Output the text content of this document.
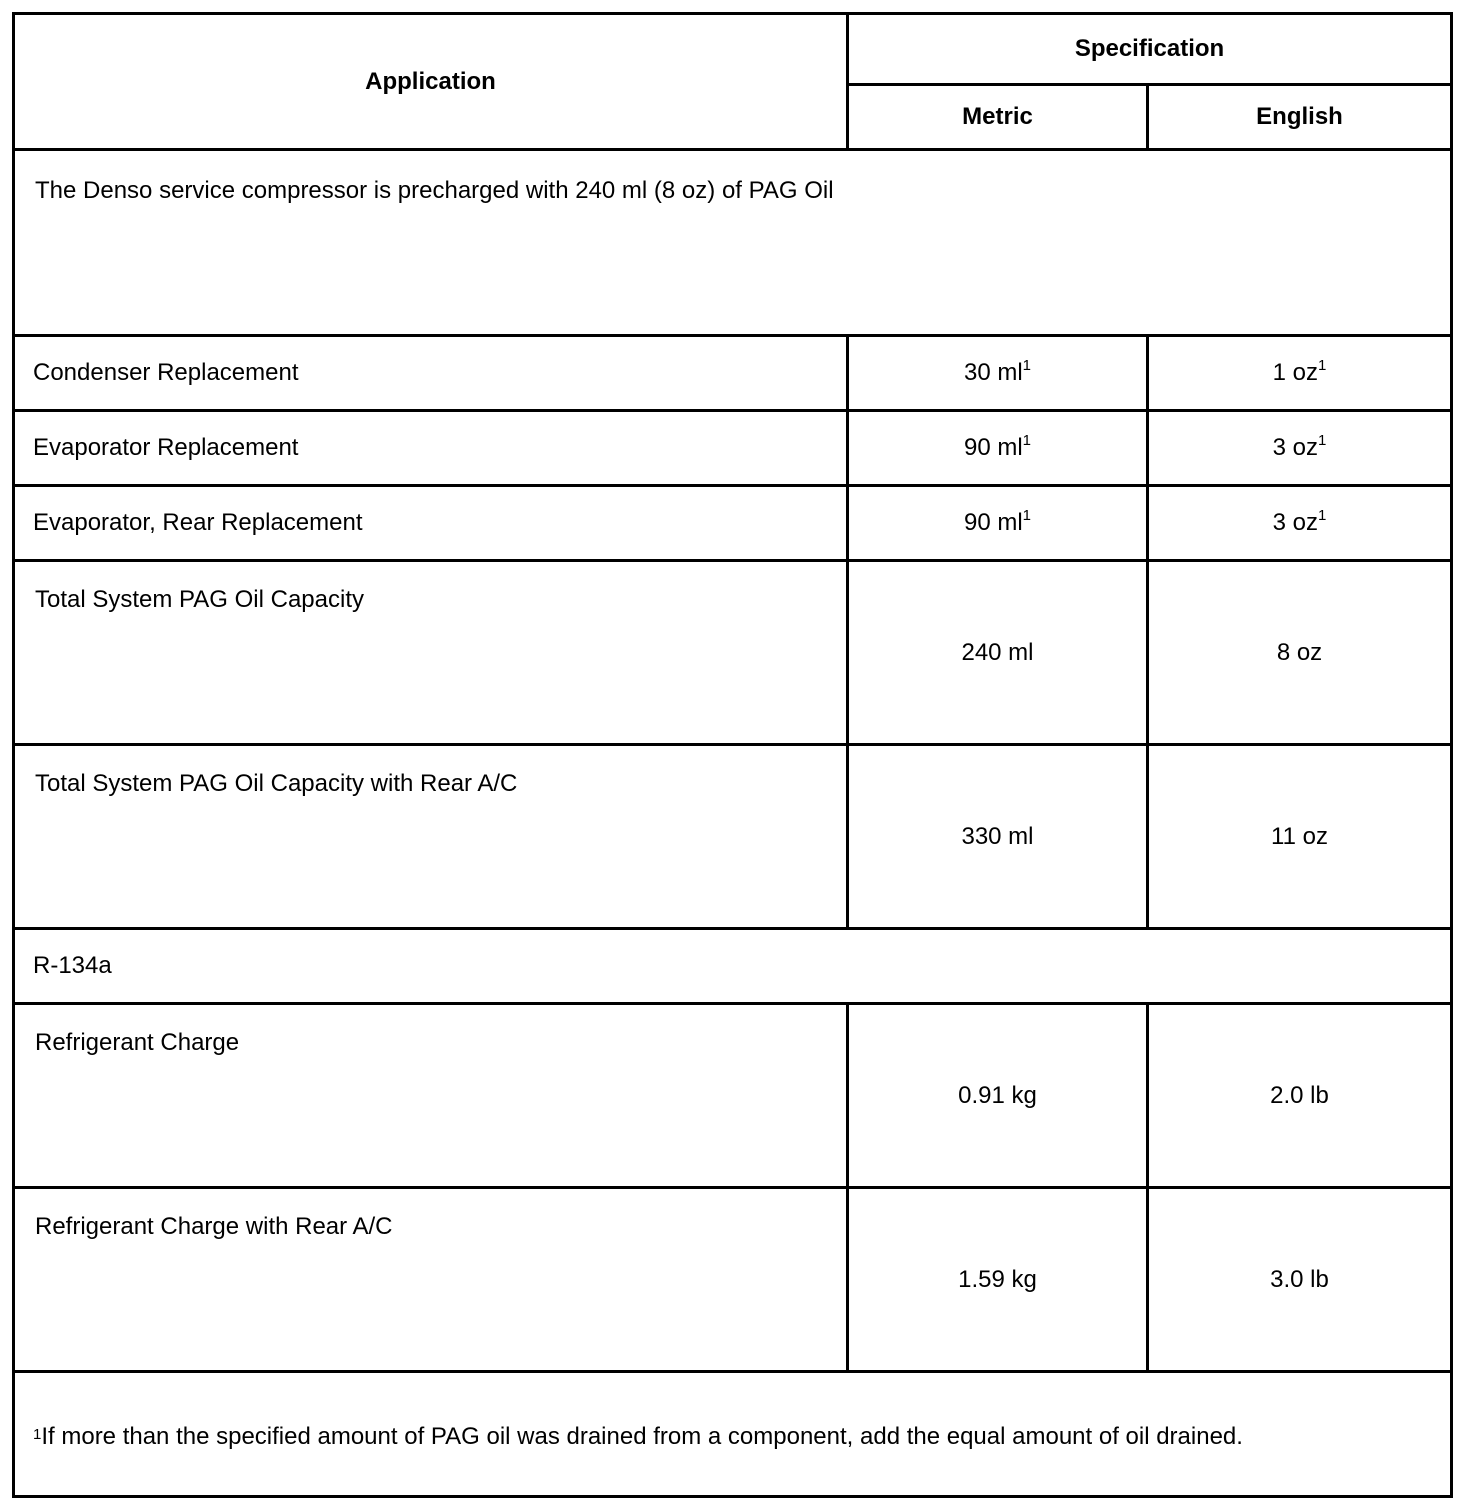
Application	Specification	
	Metric	English
The Denso service compressor is precharged with 240 ml (8 oz) of PAG Oil		
Condenser Replacement	30 $ml^1$	1 $oz^1$
Evaporator Replacement	90 $ml^1$	3 $oz^1$
Evaporator, Rear Replacement	90 $ml^1$	3 $oz^1$
Total System PAG Oil Capacity	240 ml	8 oz
Total System PAG Oil Capacity with Rear A/C	330 ml	11 oz
R-134a		
Refrigerant Charge	0.91 kg	2.0 lb
Refrigerant Charge with Rear A/C	1.59 kg	3.0 lb
$^1$If more than the specified amount of PAG oil was drained from a component, add the equal amount of oil drained.		
